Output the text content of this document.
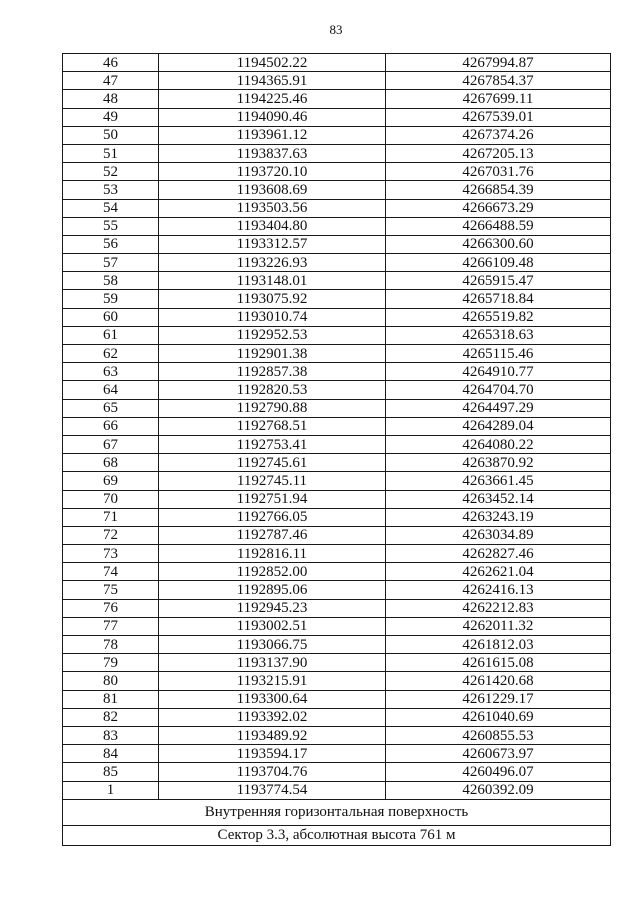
83
46	1194502.22	4267994.87
47	1194365.91	4267854.37
48	1194225.46	4267699.11
49	1194090.46	4267539.01
50	1193961.12	4267374.26
51	1193837.63	4267205.13
52	1193720.10	4267031.76
53	1193608.69	4266854.39
54	1193503.56	4266673.29
55	1193404.80	4266488.59
56	1193312.57	4266300.60
57	1193226.93	4266109.48
58	1193148.01	4265915.47
59	1193075.92	4265718.84
60	1193010.74	4265519.82
61	1192952.53	4265318.63
62	1192901.38	4265115.46
63	1192857.38	4264910.77
64	1192820.53	4264704.70
65	1192790.88	4264497.29
66	1192768.51	4264289.04
67	1192753.41	4264080.22
68	1192745.61	4263870.92
69	1192745.11	4263661.45
70	1192751.94	4263452.14
71	1192766.05	4263243.19
72	1192787.46	4263034.89
73	1192816.11	4262827.46
74	1192852.00	4262621.04
75	1192895.06	4262416.13
76	1192945.23	4262212.83
77	1193002.51	4262011.32
78	1193066.75	4261812.03
79	1193137.90	4261615.08
80	1193215.91	4261420.68
81	1193300.64	4261229.17
82	1193392.02	4261040.69
83	1193489.92	4260855.53
84	1193594.17	4260673.97
85	1193704.76	4260496.07
1	1193774.54	4260392.09
Внутренняя горизонтальная поверхность		
Сектор 3.3, абсолютная высота 761 м		
